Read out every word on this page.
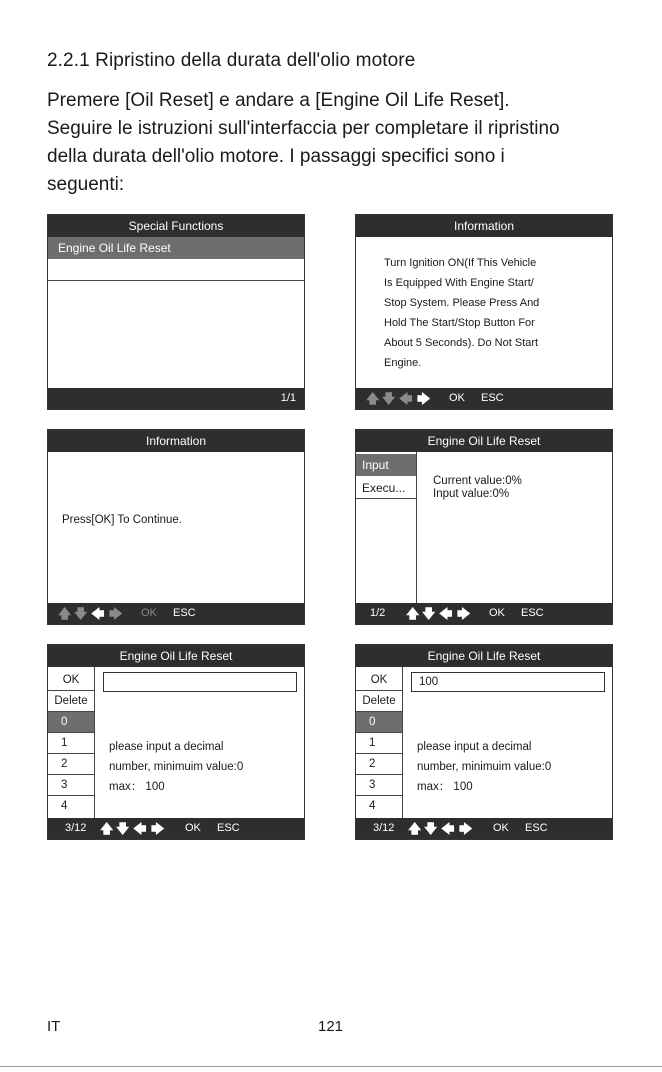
2.2.1 Ripristino della durata dell'olio motore

Premere [Oil Reset] e andare a [Engine Oil Life Reset].
Seguire le istruzioni sull'interfaccia per completare il ripristino
della durata dell'olio motore. I passaggi specifici sono i
seguenti:

Special Functions
Engine Oil Life Reset
1/1
Information
Turn Ignition ON(If This Vehicle
Is Equipped With Engine Start/
Stop System. Please Press And
Hold The Start/Stop Button For
About 5 Seconds). Do Not Start
Engine.
🡅 🡇 🡄 🡆 OK ESC
Information
Press[OK] To Continue.
🡅 🡇 🡄 🡆 OK ESC
Engine Oil Life Reset
Input
Execu...	Current value:0%
Input value:0%
1/2 🡅 🡇 🡄 🡆 OK ESC
Engine Oil Life Reset
OK
Delete
0
1
2
3
4
please input a decimal
number, minimuim value:0
max： 100
3/12 🡅 🡇 🡄 🡆 OK ESC
Engine Oil Life Reset
OK
Delete
0
1
2
3
4
100
please input a decimal
number, minimuim value:0
max： 100
3/12 🡅 🡇 🡄 🡆 OK ESC
IT	121
